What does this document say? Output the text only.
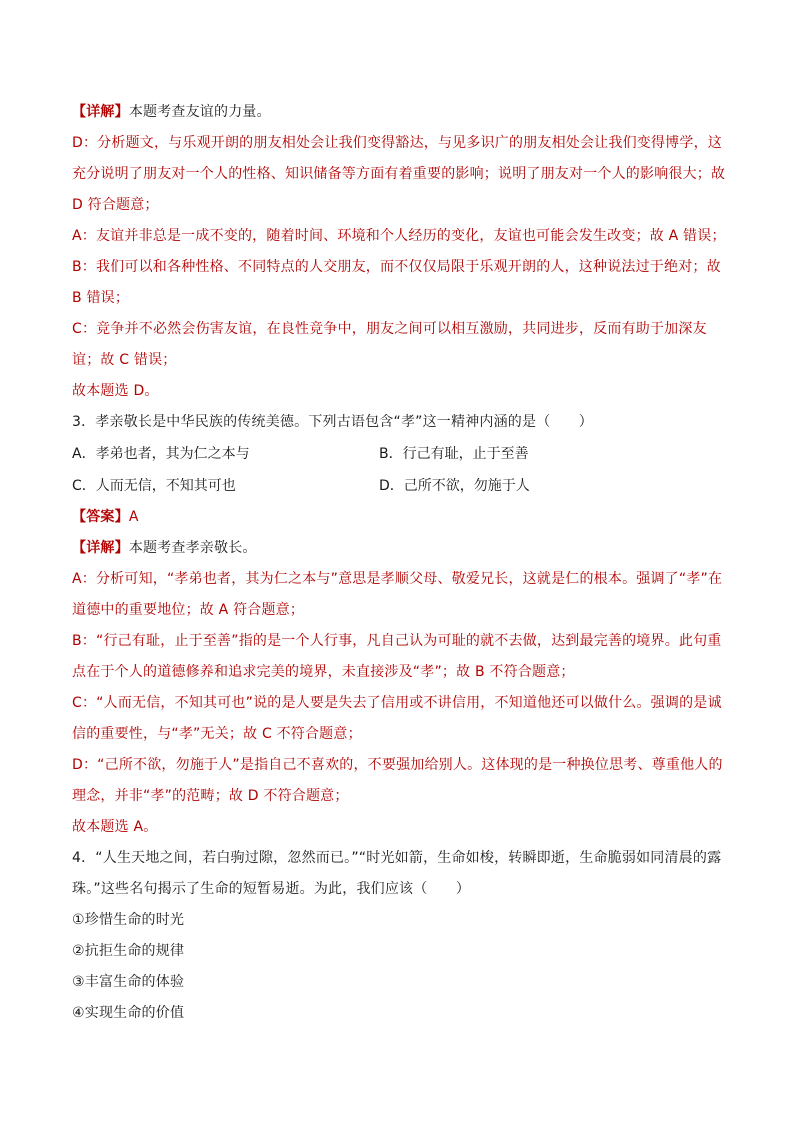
【详解】本题考查友谊的力量。
D：分析题文，与乐观开朗的朋友相处会让我们变得豁达，与见多识广的朋友相处会让我们变得博学，这
充分说明了朋友对一个人的性格、知识储备等方面有着重要的影响；说明了朋友对一个人的影响很大；故
D 符合题意；
A：友谊并非总是一成不变的，随着时间、环境和个人经历的变化，友谊也可能会发生改变；故 A 错误；
B：我们可以和各种性格、不同特点的人交朋友，而不仅仅局限于乐观开朗的人，这种说法过于绝对；故
B 错误；
C：竞争并不必然会伤害友谊，在良性竞争中，朋友之间可以相互激励，共同进步，反而有助于加深友
谊；故 C 错误；
故本题选 D。
3．孝亲敬长是中华民族的传统美德。下列古语包含“孝”这一精神内涵的是（　　）
A．孝弟也者，其为仁之本与	B．行己有耻，止于至善
C．人而无信，不知其可也	D．己所不欲，勿施于人
【答案】A
【详解】本题考查孝亲敬长。
A：分析可知，“孝弟也者，其为仁之本与”意思是孝顺父母、敬爱兄长，这就是仁的根本。强调了“孝”在
道德中的重要地位；故 A 符合题意；
B：“行己有耻，止于至善”指的是一个人行事，凡自己认为可耻的就不去做，达到最完善的境界。此句重
点在于个人的道德修养和追求完美的境界，未直接涉及“孝”；故 B 不符合题意；
C：“人而无信，不知其可也”说的是人要是失去了信用或不讲信用，不知道他还可以做什么。强调的是诚
信的重要性，与“孝”无关；故 C 不符合题意；
D：“己所不欲，勿施于人”是指自己不喜欢的，不要强加给别人。这体现的是一种换位思考、尊重他人的
理念，并非“孝”的范畴；故 D 不符合题意；
故本题选 A。
4．“人生天地之间，若白驹过隙，忽然而已。”“时光如箭，生命如梭，转瞬即逝，生命脆弱如同清晨的露
珠。”这些名句揭示了生命的短暂易逝。为此，我们应该（　　）
①珍惜生命的时光
②抗拒生命的规律
③丰富生命的体验
④实现生命的价值
